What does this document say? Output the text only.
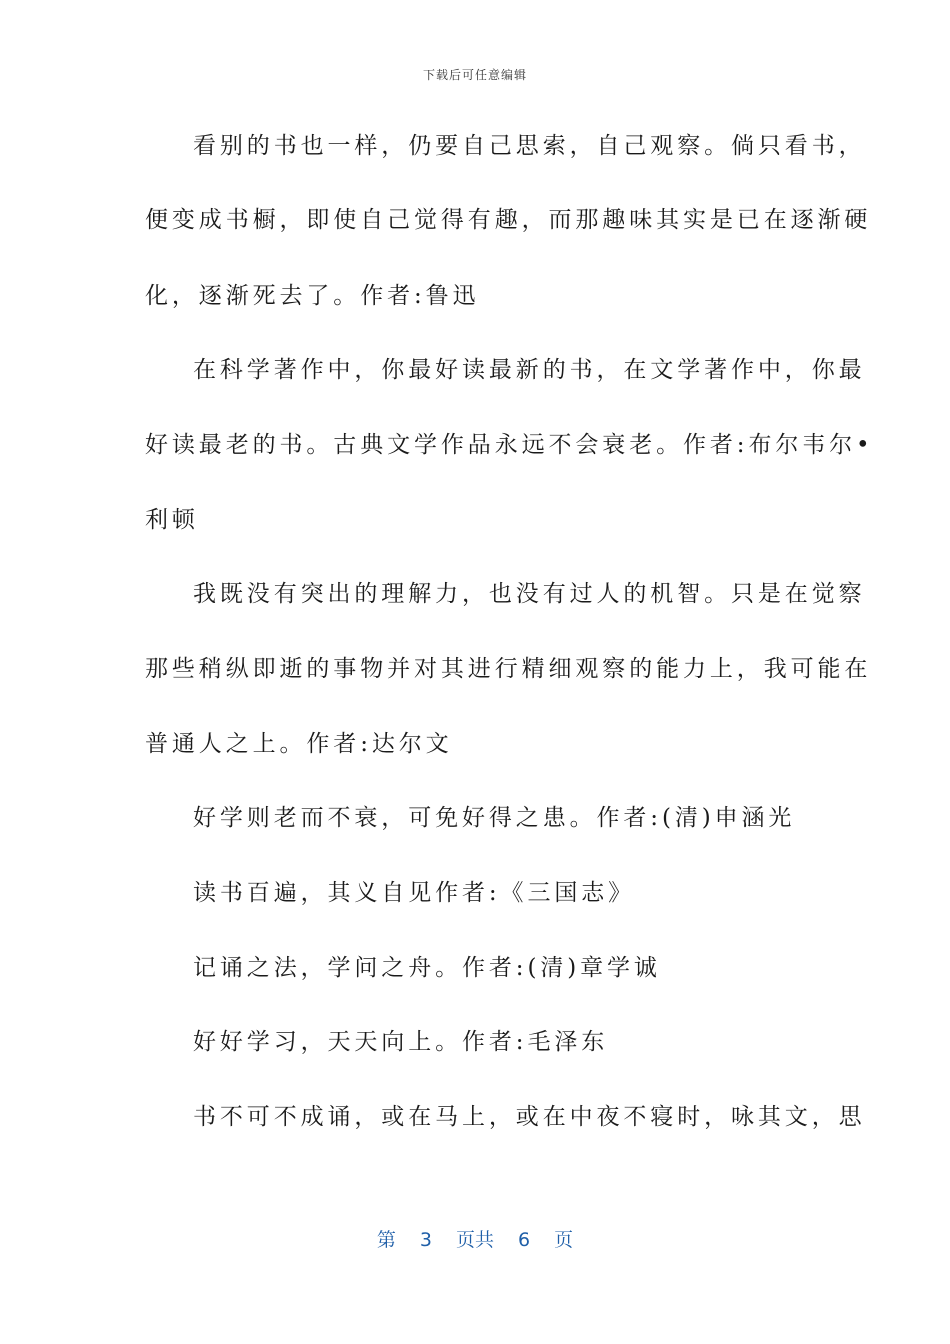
下载后可任意编辑
看别的书也一样，仍要自己思索，自己观察。倘只看书，
便变成书橱，即使自己觉得有趣，而那趣味其实是已在逐渐硬
化，逐渐死去了。作者:鲁迅
在科学著作中，你最好读最新的书，在文学著作中，你最
好读最老的书。古典文学作品永远不会衰老。作者:布尔韦尔•
利顿
我既没有突出的理解力，也没有过人的机智。只是在觉察
那些稍纵即逝的事物并对其进行精细观察的能力上，我可能在
普通人之上。作者:达尔文
好学则老而不衰，可免好得之患。作者:(清)申涵光
读书百遍，其义自见作者:《三国志》
记诵之法，学问之舟。作者:(清)章学诚
好好学习，天天向上。作者:毛泽东
书不可不成诵，或在马上，或在中夜不寝时，咏其文，思
第 3 页共 6 页
